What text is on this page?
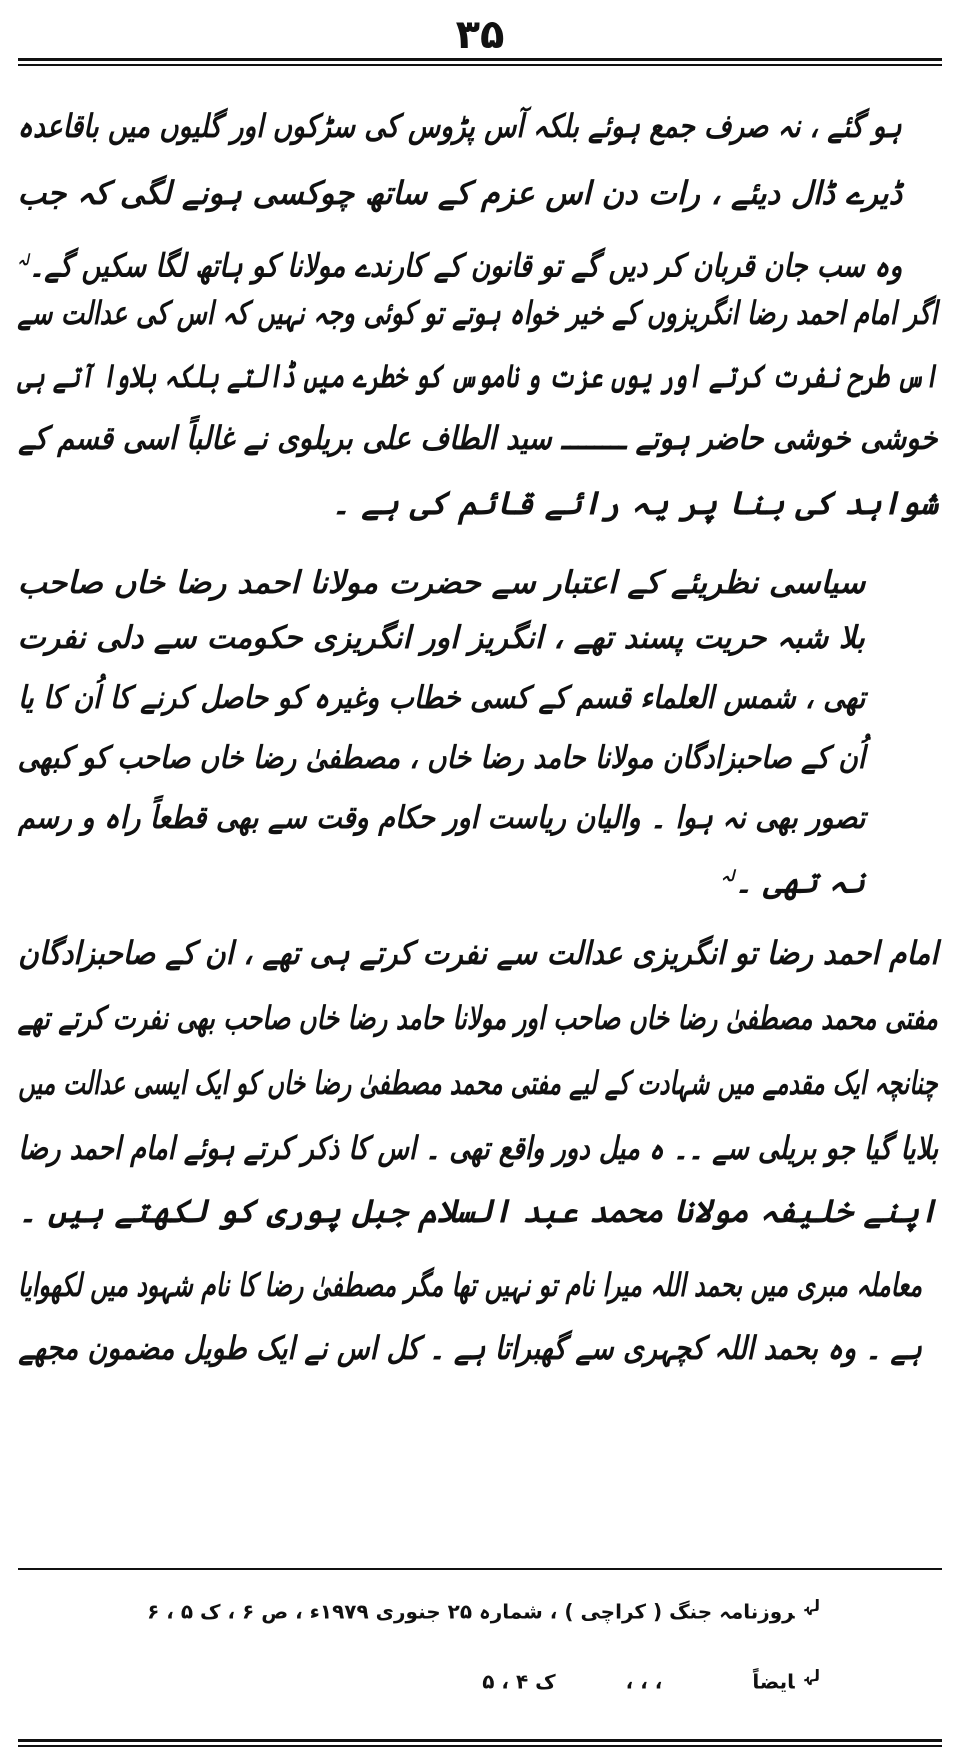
۳۵
ہو گئے ، نہ صرف جمع ہوئے بلکہ آس پڑوس کی سڑکوں اور گلیوں میں باقاعدہ
ڈیرے ڈال دیئے ، رات دن اس عزم کے ساتھ چوکسی ہونے لگی کہ جب
وہ سب جان قربان کر دیں گے تو قانون کے کارندے مولانا کو ہاتھ لگا سکیں گے۔$^{لہ}$
اگر امام احمد رضا انگریزوں کے خیر خواہ ہوتے تو کوئی وجہ نہیں کہ اس کی عدالت سے
اس طرح نفرت کرتے اور یوں عزت و ناموس کو خطرے میں ڈالتے بلکہ بلاوا آتے ہی
خوشی خوشی حاضر ہوتے ــــــــ سید الطاف علی بریلوی نے غالباً اسی قسم کے
شواہد کی بنا پر یہ رائے قائم کی ہے ۔
سیاسی نظریئے کے اعتبار سے حضرت مولانا احمد رضا خاں صاحب
بلا شبہ حریت پسند تھے ، انگریز اور انگریزی حکومت سے دلی نفرت
تھی ، شمس العلماء قسم کے کسی خطاب وغیرہ کو حاصل کرنے کا اُن کا یا
اُن کے صاحبزادگان مولانا حامد رضا خاں ، مصطفیٰ رضا خاں صاحب کو کبھی
تصور بھی نہ ہوا ۔ والیان ریاست اور حکام وقت سے بھی قطعاً راہ و رسم
نہ تھی ۔$^{لہ}$
امام احمد رضا تو انگریزی عدالت سے نفرت کرتے ہی تھے ، ان کے صاحبزادگان
مفتی محمد مصطفیٰ رضا خاں صاحب اور مولانا حامد رضا خاں صاحب بھی نفرت کرتے تھے
چنانچہ ایک مقدمے میں شہادت کے لیے مفتی محمد مصطفیٰ رضا خاں کو ایک ایسی عدالت میں
بلایا گیا جو بریلی سے ۔۔ ہ میل دور واقع تھی ۔ اس کا ذکر کرتے ہوئے امام احمد رضا
اپنے خلیفہ مولانا محمد عبد السلام جبل پوری کو لکھتے ہیں ۔
معاملہ مبری میں بحمد اللہ میرا نام تو نہیں تھا مگر مصطفیٰ رضا کا نام شہود میں لکھوایا
ہے ۔ وہ بحمد اللہ کچہری سے گھبراتا ہے ۔ کل اس نے ایک طویل مضمون مجھے
$^{لہ}$روزنامہ جنگ ( کراچی ) ، شمارہ ۲۵ جنوری ۱۹۷۹ء ، ص ۶ ، ک ۵ ، ۶
$^{لہ}$ایضاً، ، ،ک ۴ ، ۵
